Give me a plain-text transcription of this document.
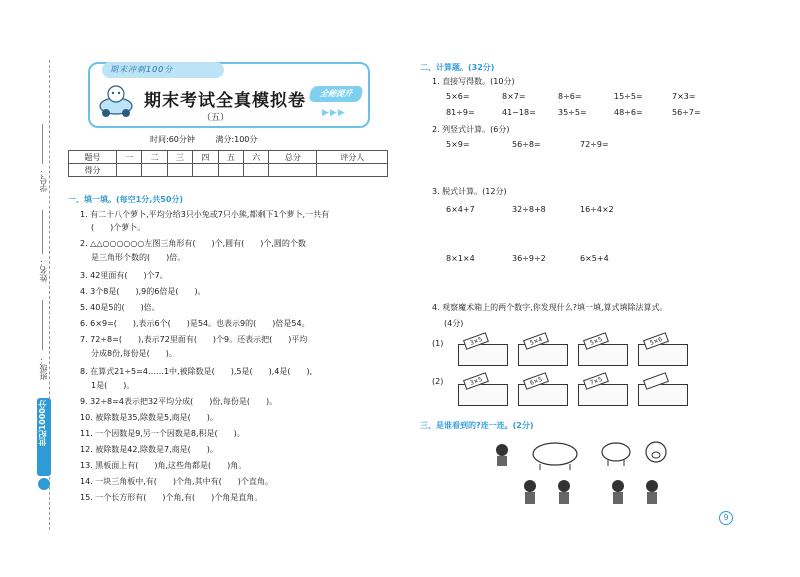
学号：
姓名：
班级：
世纪1000分
期末冲刺100分
期末考试全真模拟卷
（五）
全能提升
▶▶▶
时间:60分钟	满分:100分
题号	一	二	三	四	五	六	总分	评分人
得分								
一、填一填。(每空1分,共50分)
1. 有二十八个萝卜,平均分给3只小兔或7只小熊,都剩下1个萝卜,一共有
(　　)个萝卜。
2. △△○○○○○○左图三角形有(　　)个,圆有(　　)个,圆的个数
是三角形个数的(　　)倍。
3. 42里面有(　　)个7。
4. 3个8是(　　),9的6倍是(　　)。
5. 40是5的(　　)倍。
6. 6×9=(　　),表示6个(　　)是54。也表示9的(　　)倍是54。
7. 72÷8=(　　),表示72里面有(　　)个9。还表示把(　　)平均
分成8份,每份是(　　)。
8. 在算式21÷5=4……1中,被除数是(　　),5是(　　),4是(　　),
1是(　　)。
9. 32÷8=4表示把32平均分成(　　)份,每份是(　　)。
10. 被除数是35,除数是5,商是(　　)。
11. 一个因数是9,另一个因数是8,积是(　　)。
12. 被除数是42,除数是7,商是(　　)。
13. 黑板面上有(　　)角,这些角都是(　　)角。
14. 一块三角板中,有(　　)个角,其中有(　　)个直角。
15. 一个长方形有(　　)个角,有(　　)个角是直角。
二、计算题。(32分)
1. 直接写得数。(10分)
5×6=	8×7=	8÷6=	15÷5=	7×3=
81÷9=	41−18=	35÷5=	48÷6=	56÷7=
2. 列竖式计算。(6分)
5×9=	56÷8=	72÷9=
3. 脱式计算。(12分)
6×4+7	32÷8+8	16÷4×2
8×1×4	36÷9÷2	6×5+4
4. 观察魔术箱上的两个数字,你发现什么?填一填,算式填除法算式。
(4分)
(1)	3×5	5×4	5×5	5×6
(2)	3×5	6×5	7×5
三、是谁看到的?连一连。(2分)
9
